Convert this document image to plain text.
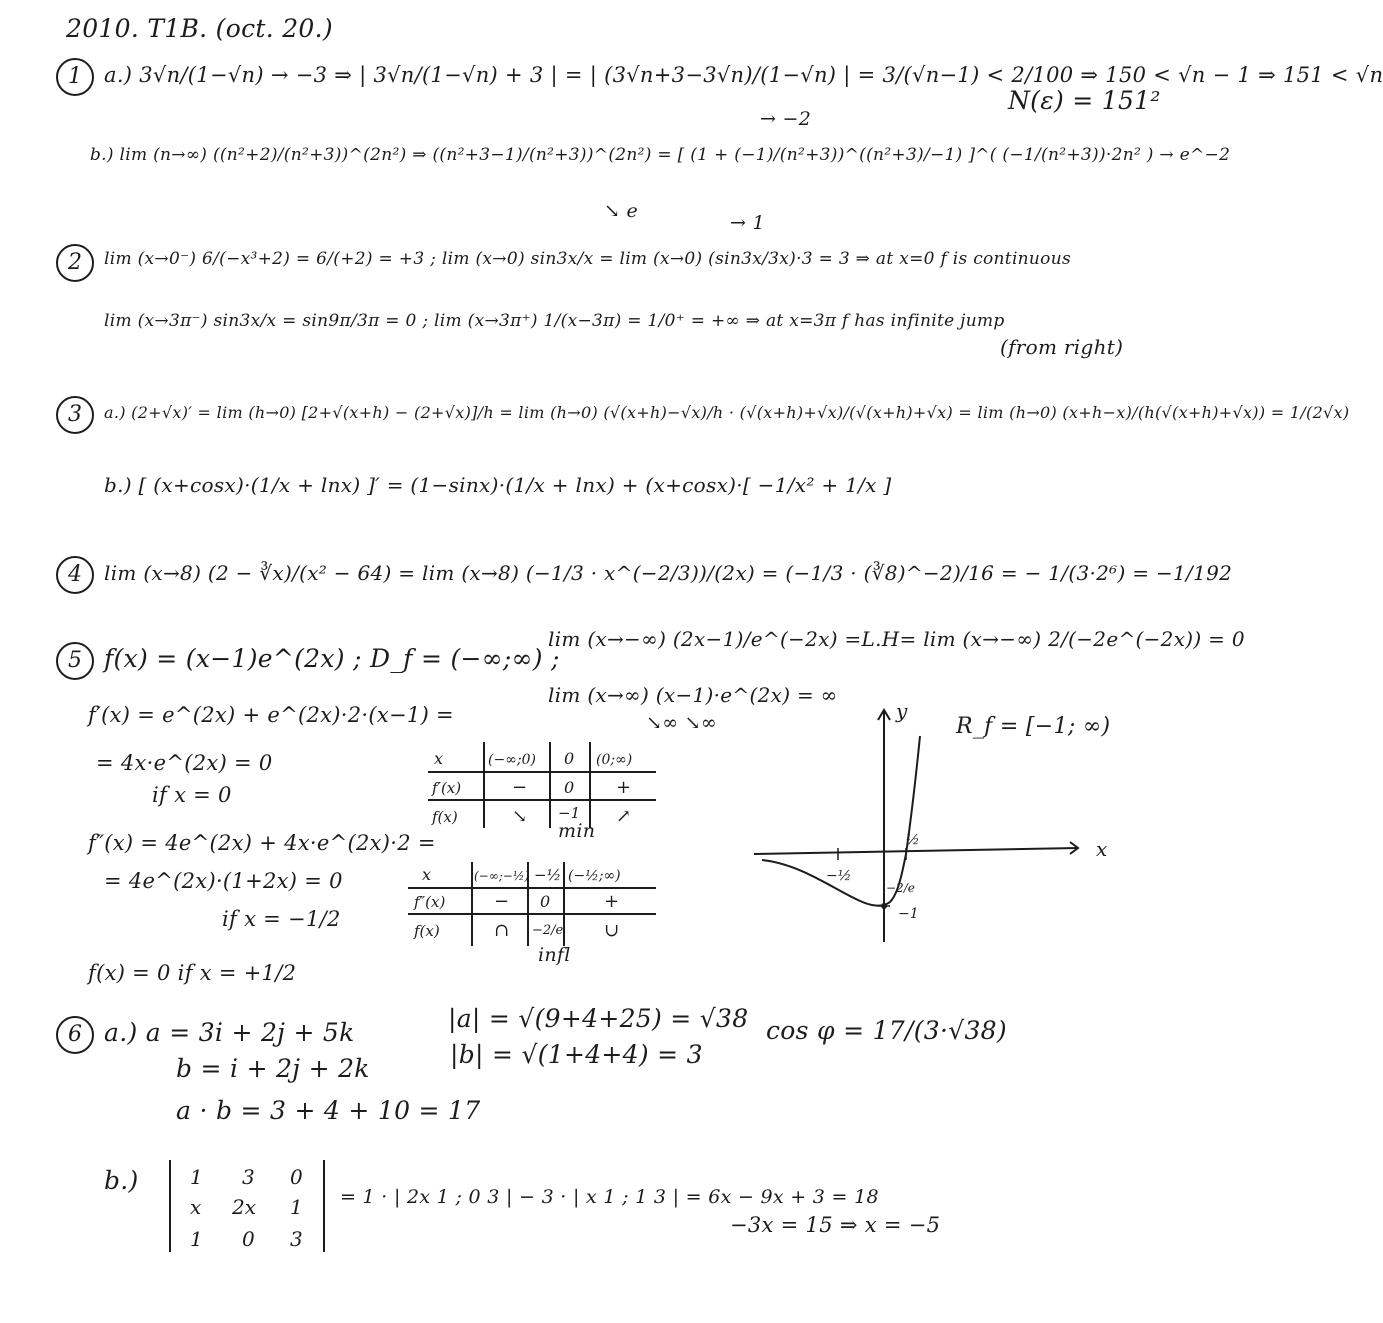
2010. T1B. (oct. 20.)
1	a.) 3√n/(1−√n) → −3 ⇒ | 3√n/(1−√n) + 3 | = | (3√n+3−3√n)/(1−√n) | = 3/(√n−1) < 2/100 ⇒ 150 < √n − 1 ⇒ 151 < √n
N(ε) = 151²
b.) lim (n→∞) ((n²+2)/(n²+3))^(2n²) ⇒ ((n²+3−1)/(n²+3))^(2n²) = [ (1 + (−1)/(n²+3))^((n²+3)/−1) ]^( (−1/(n²+3))·2n² ) → e^−2
→ −2
↘ e
2	lim (x→0⁻) 6/(−x³+2) = 6/(+2) = +3 ; lim (x→0) sin3x/x = lim (x→0) (sin3x/3x)·3 = 3 ⇒ at x=0 f is continuous
→ 1
lim (x→3π⁻) sin3x/x = sin9π/3π = 0 ; lim (x→3π⁺) 1/(x−3π) = 1/0⁺ = +∞ ⇒ at x=3π f has infinite jump
(from right)
3	a.) (2+√x)′ = lim (h→0) [2+√(x+h) − (2+√x)]/h = lim (h→0) (√(x+h)−√x)/h · (√(x+h)+√x)/(√(x+h)+√x) = lim (h→0) (x+h−x)/(h(√(x+h)+√x)) = 1/(2√x)
b.) [ (x+cosx)·(1/x + lnx) ]′ = (1−sinx)·(1/x + lnx) + (x+cosx)·[ −1/x² + 1/x ]
4	lim (x→8) (2 − ∛x)/(x² − 64) = lim (x→8) (−1/3 · x^(−2/3))/(2x) = (−1/3 · (∛8)^−2)/16 = − 1/(3·2⁶) = −1/192
5 f(x) = (x−1)e^(2x) ; D_f = (−∞;∞) ;
lim (x→−∞) (2x−1)/e^(−2x) =L.H= lim (x→−∞) 2/(−2e^(−2x)) = 0
lim (x→∞) (x−1)·e^(2x) = ∞
↘∞ ↘∞
f′(x) = e^(2x) + e^(2x)·2·(x−1) =
= 4x·e^(2x) = 0
if x = 0
f″(x) = 4e^(2x) + 4x·e^(2x)·2 =
= 4e^(2x)·(1+2x) = 0
if x = −1/2
f(x) = 0 if x = +1/2
R_f = [−1; ∞)
x	(−∞;0) 0 (0;∞)
f′(x)	− 0 +
f(x)	↘ −1 ↗
min
x	(−∞;−½) −½ (−½;∞)
f″(x)	− 0	+
f(x)	∩ −2/e ∪
infl
y
x
−½
½
−1
−2/e
6 a.) a = 3i + 2j + 5k
b = i + 2j + 2k
a · b = 3 + 4 + 10 = 17
|a| = √(9+4+25) = √38
|b| = √(1+4+4) = 3
cos φ = 17/(3·√38)
b.)	1 3 0
x 2x 1
1 0 3
= 1 · | 2x 1 ; 0 3 | − 3 · | x 1 ; 1 3 | = 6x − 9x + 3 = 18
−3x = 15 ⇒ x = −5
